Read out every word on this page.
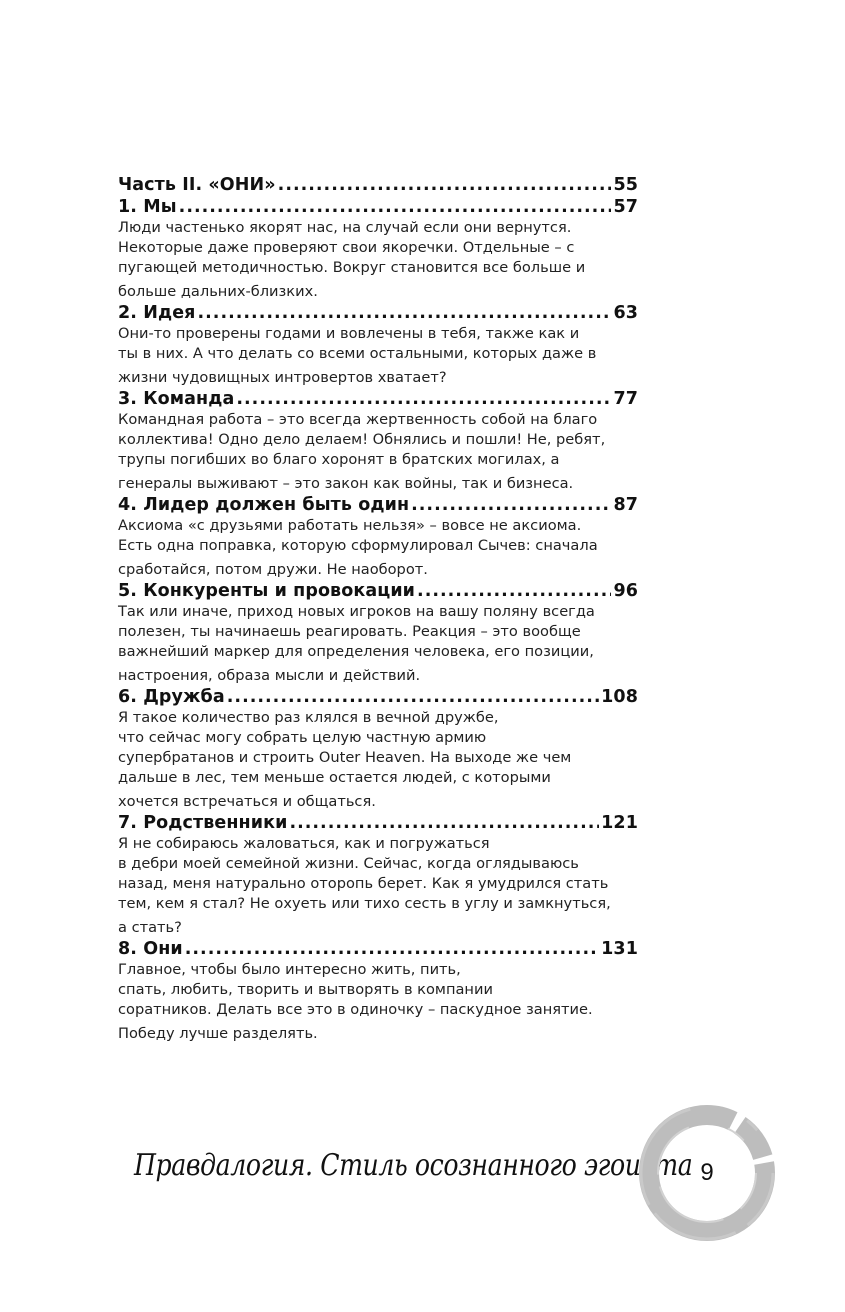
Часть II. «ОНИ» .....	55
1. Мы .....	57
Люди частенько якорят нас, на случай если они вернутся.
Некоторые даже проверяют свои якоречки. Отдельные – с
пугающей методичностью. Вокруг становится все больше и
больше дальних-близких.
2. Идея .....	63
Они-то проверены годами и вовлечены в тебя, также как и
ты в них. А что делать со всеми остальными, которых даже в
жизни чудовищных интровертов хватает?
3. Команда .....	77
Командная работа – это всегда жертвенность собой на благо
коллектива! Одно дело делаем! Обнялись и пошли! Не, ребят,
трупы погибших во благо хоронят в братских могилах, а
генералы выживают – это закон как войны, так и бизнеса.
4. Лидер должен быть один .....	87
Аксиома «с друзьями работать нельзя» – вовсе не аксиома.
Есть одна поправка, которую сформулировал Сычев: сначала
сработайся, потом дружи. Не наоборот.
5. Конкуренты и провокации .....	96
Так или иначе, приход новых игроков на вашу поляну всегда
полезен, ты начинаешь реагировать. Реакция – это вообще
важнейший маркер для определения человека, его позиции,
настроения, образа мысли и действий.
6. Дружба .....	108
Я такое количество раз клялся в вечной дружбе,
что сейчас могу собрать целую частную армию
супербратанов и строить Outer Heaven. На выходе же чем
дальше в лес, тем меньше остается людей, с которыми
хочется встречаться и общаться.
7. Родственники .....	121
Я не собираюсь жаловаться, как и погружаться
в дебри моей семейной жизни. Сейчас, когда оглядываюсь
назад, меня натурально оторопь берет. Как я умудрился стать
тем, кем я стал? Не охуеть или тихо сесть в углу и замкнуться,
а стать?
8. Они .....	131
Главное, чтобы было интересно жить, пить,
спать, любить, творить и вытворять в компании
соратников. Делать все это в одиночку – паскудное занятие.
Победу лучше разделять.
Правдалогия. Стиль осознанного эгоиста 9
